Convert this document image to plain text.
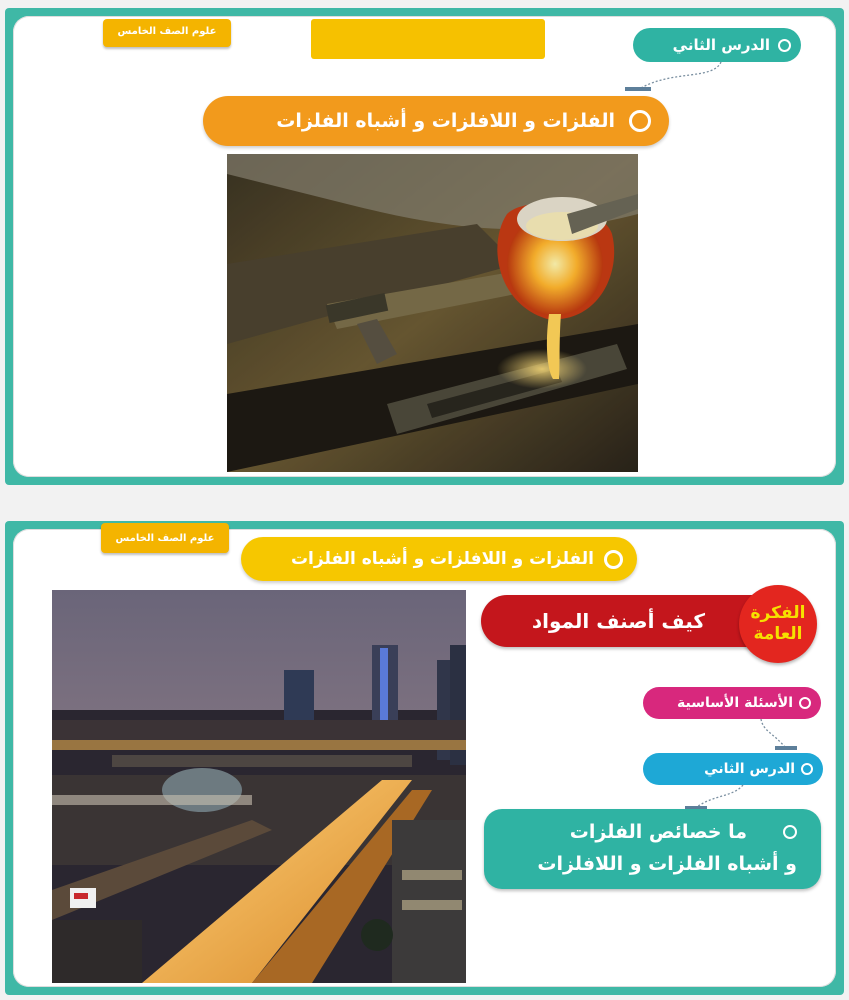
علوم الصف الخامس
الدرس الثاني
الفلزات و اللافلزات و أشباه الفلزات
علوم الصف الخامس
الفلزات و اللافلزات و أشباه الفلزات
كيف أصنف المواد	الفكرة العامة
الأسئلة الأساسية
الدرس الثاني
ما خصائص الفلزات
و أشباه الفلزات و اللافلزات
